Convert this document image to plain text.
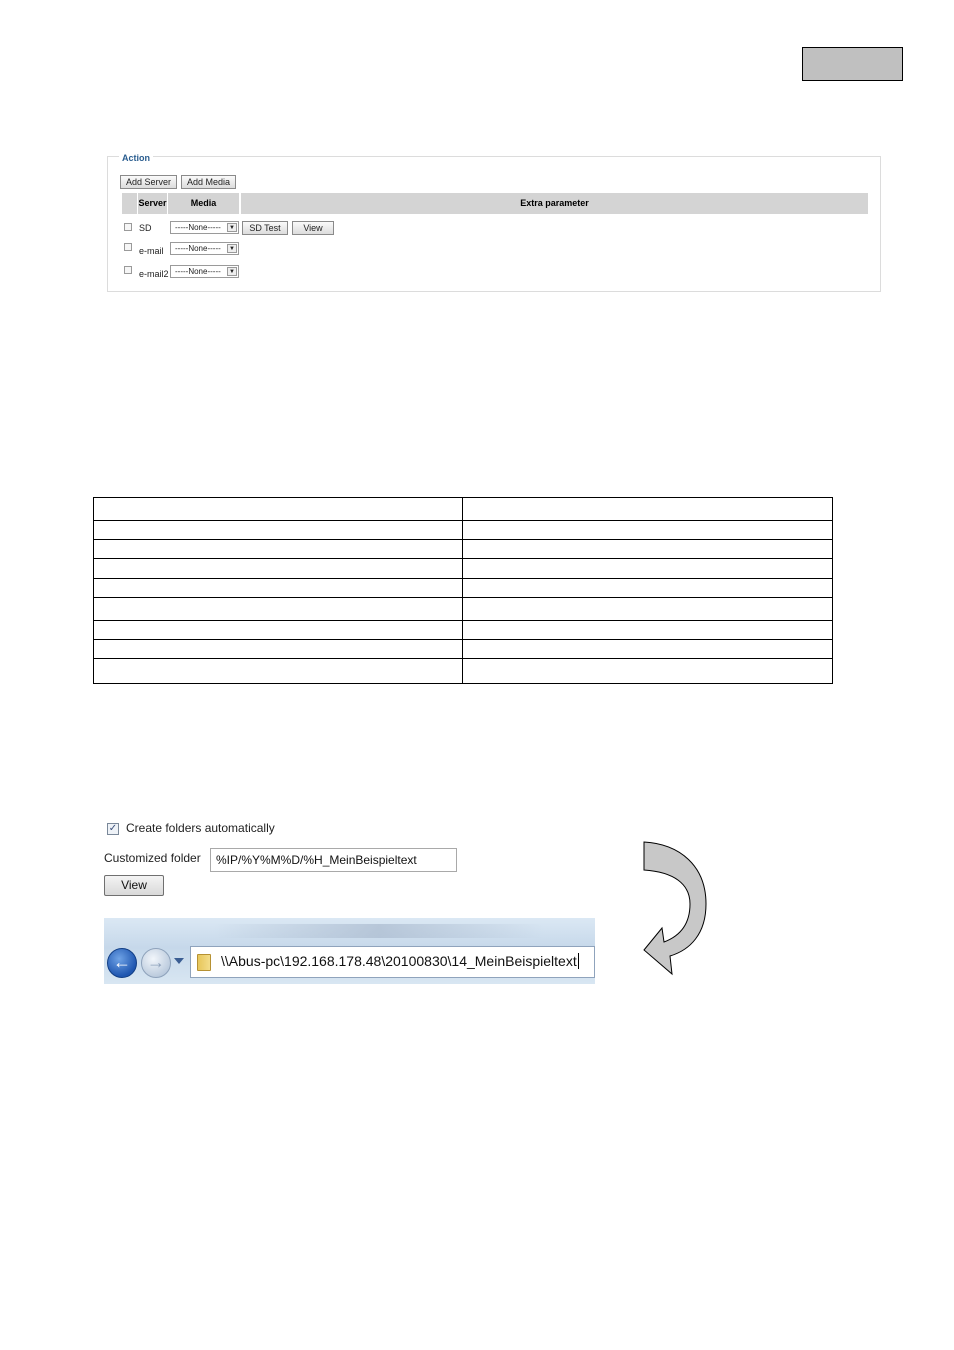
Action
Add Server	Add Media
Server	Media	Extra parameter
SD	-----None-----	▼	SD Test	View
e-mail	-----None-----	▼
e-mail2 -----None-----	▼

✓ Create folders automatically
Customized folder	%IP/%Y%M%D/%H_MeinBeispieltext
View
← →	\\Abus-pc\192.168.178.48\20100830\14_MeinBeispieltext
